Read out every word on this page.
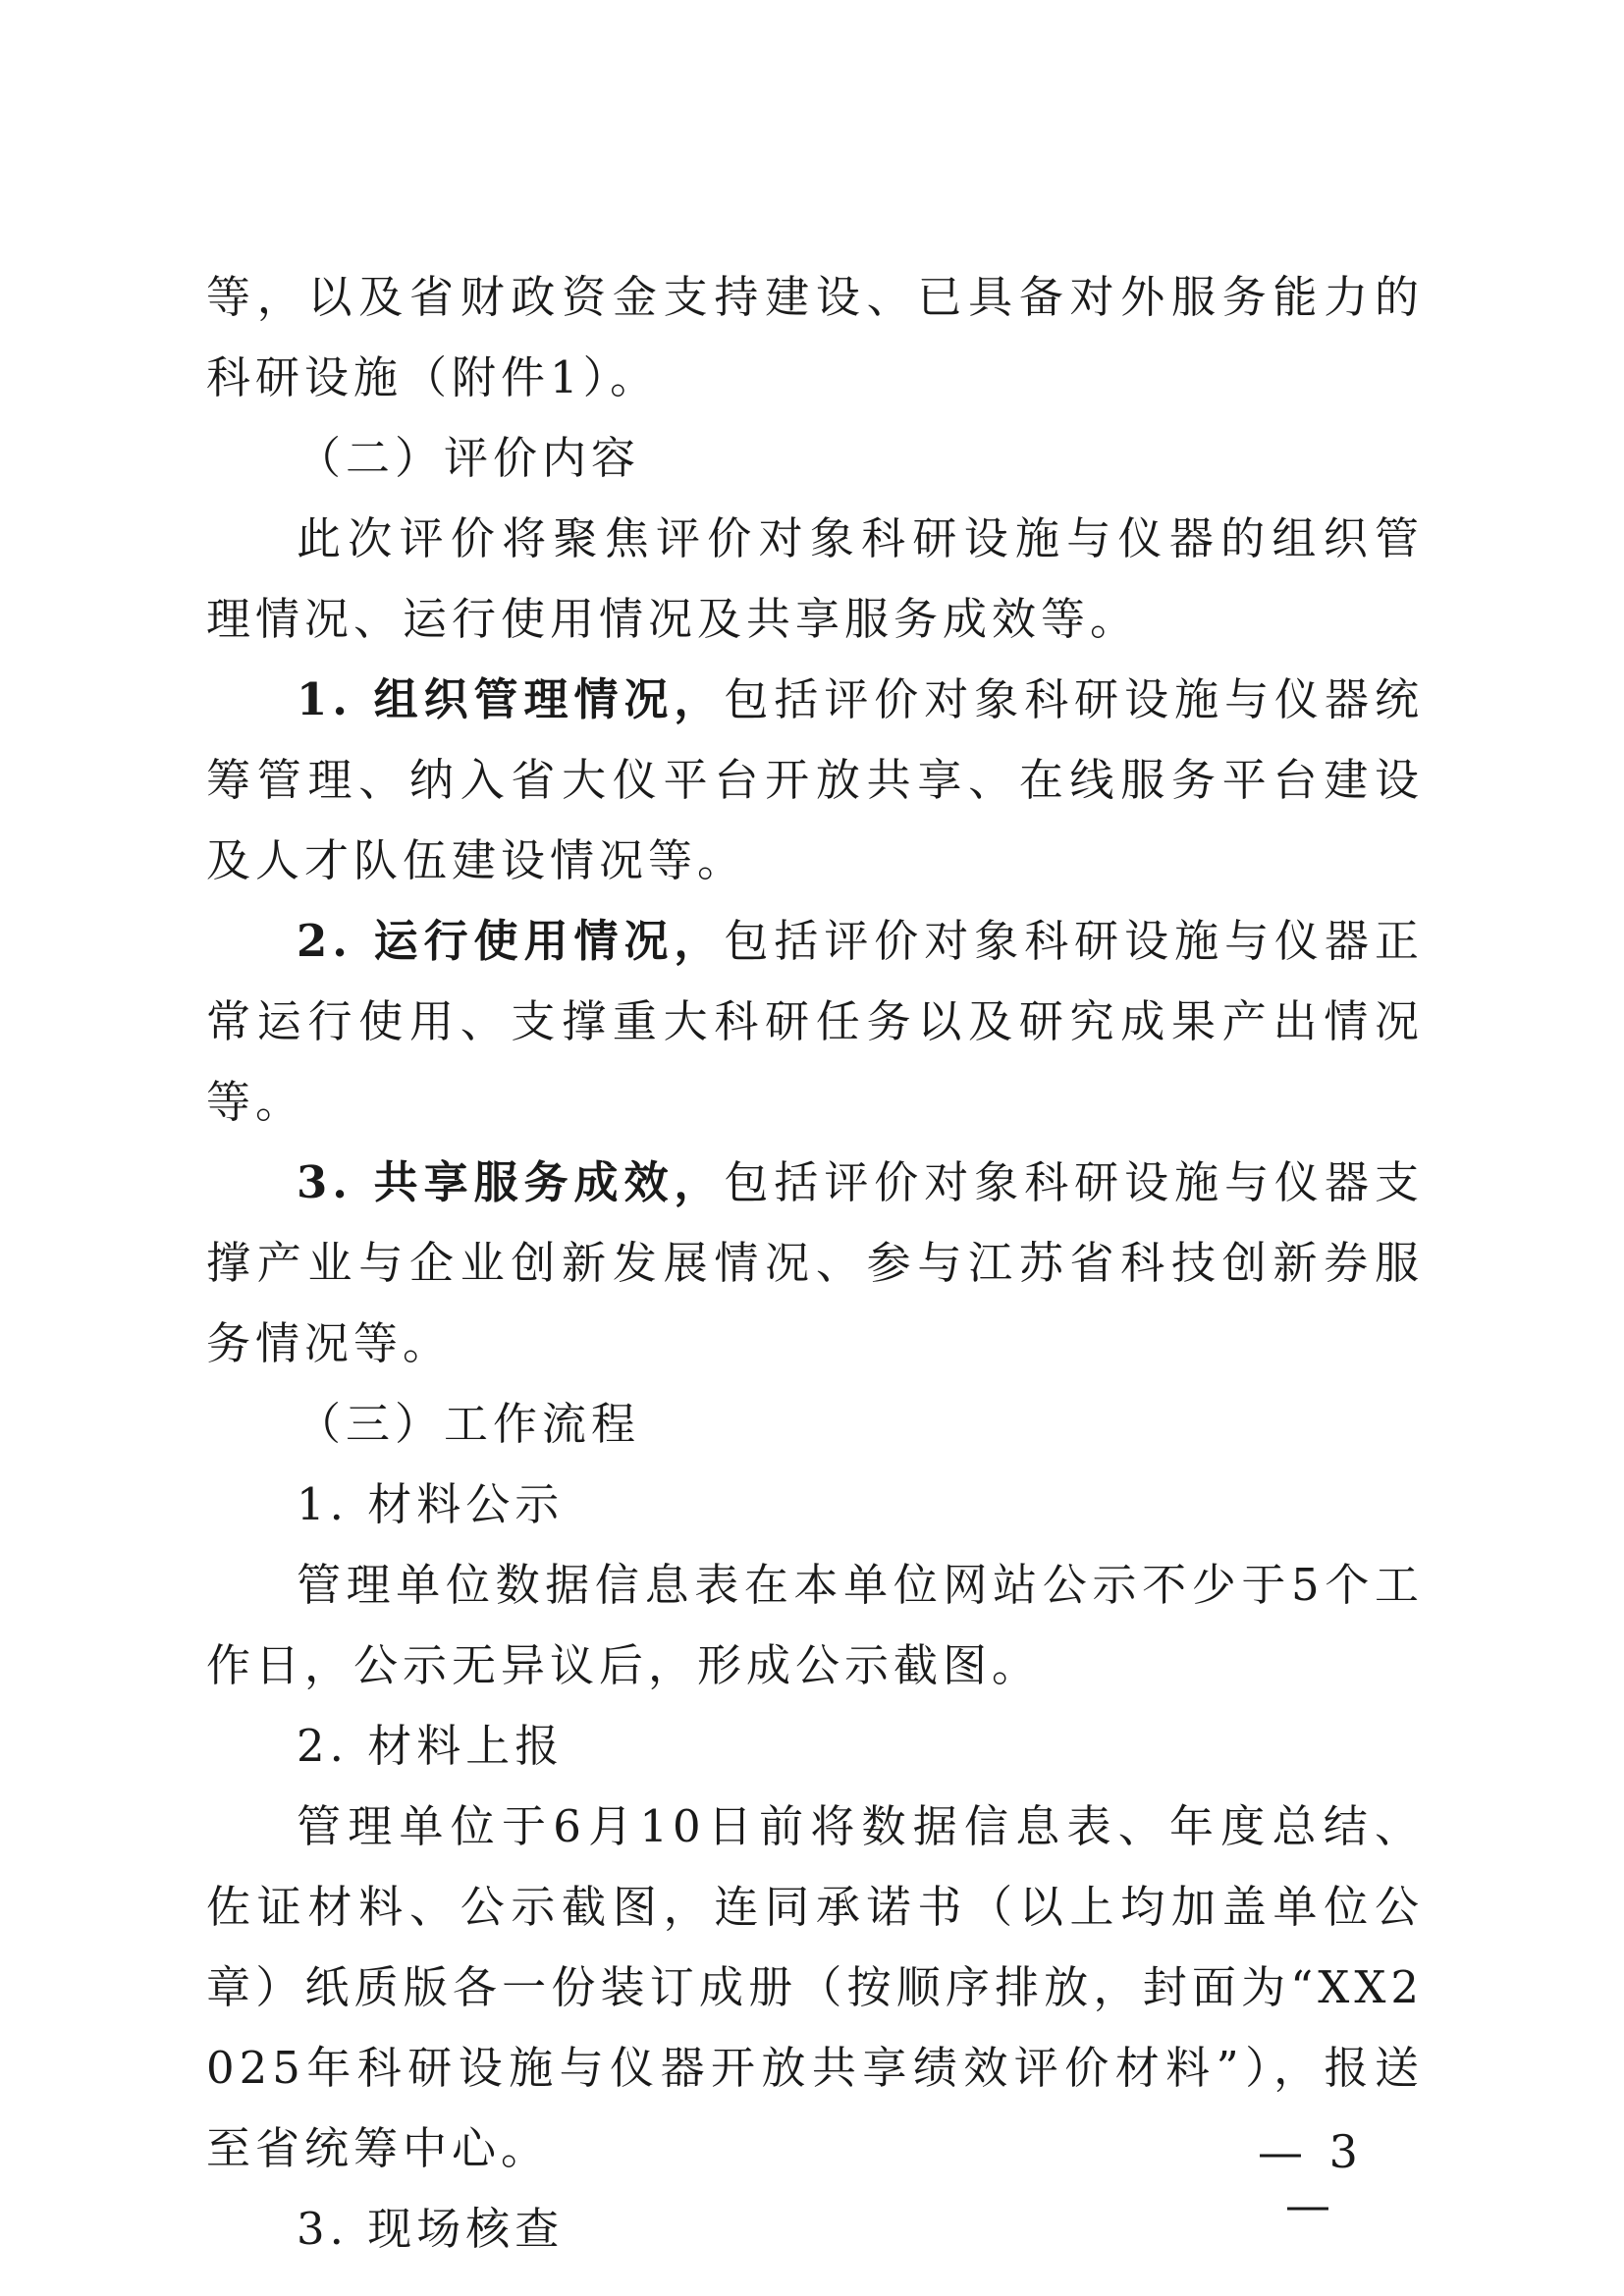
等，以及省财政资金支持建设、已具备对外服务能力的科研设施（附件1）。

（二）评价内容

此次评价将聚焦评价对象科研设施与仪器的组织管理情况、运行使用情况及共享服务成效等。

1. 组织管理情况，包括评价对象科研设施与仪器统筹管理、纳入省大仪平台开放共享、在线服务平台建设及人才队伍建设情况等。

2. 运行使用情况，包括评价对象科研设施与仪器正常运行使用、支撑重大科研任务以及研究成果产出情况等。

3. 共享服务成效，包括评价对象科研设施与仪器支撑产业与企业创新发展情况、参与江苏省科技创新券服务情况等。

（三）工作流程

1. 材料公示

管理单位数据信息表在本单位网站公示不少于5个工作日，公示无异议后，形成公示截图。

2. 材料上报

管理单位于6月10日前将数据信息表、年度总结、佐证材料、公示截图，连同承诺书（以上均加盖单位公章）纸质版各一份装订成册（按顺序排放，封面为“XX2025年科研设施与仪器开放共享绩效评价材料”），报送至省统筹中心。

3. 现场核查

— 3 —
